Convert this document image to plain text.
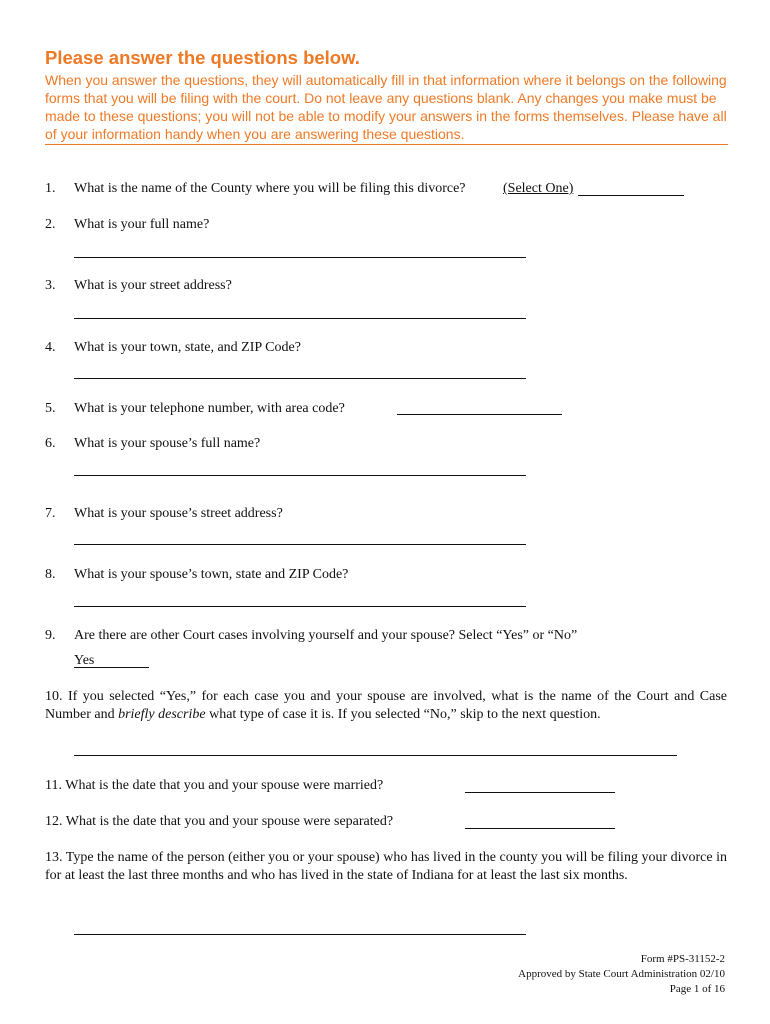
Please answer the questions below.

When you answer the questions, they will automatically fill in that information where it belongs on the following forms that you will be filing with the court. Do not leave any questions blank. Any changes you make must be made to these questions; you will not be able to modify your answers in the forms themselves. Please have all of your information handy when you are answering these questions.

1. What is the name of the County where you will be filing this divorce?	(Select One)
2. What is your full name?
3. What is your street address?
4. What is your town, state, and ZIP Code?
5. What is your telephone number, with area code?
6. What is your spouse’s full name?
7. What is your spouse’s street address?
8. What is your spouse’s town, state and ZIP Code?
9. Are there are other Court cases involving yourself and your spouse? Select “Yes” or “No”
Yes
10. If you selected “Yes,” for each case you and your spouse are involved, what is the name of the Court and Case Number and briefly describe what type of case it is. If you selected “No,” skip to the next question.
11. What is the date that you and your spouse were married?
12. What is the date that you and your spouse were separated?
13. Type the name of the person (either you or your spouse) who has lived in the county you will be filing your divorce in for at least the last three months and who has lived in the state of Indiana for at least the last six months.
Form #PS-31152-2
Approved by State Court Administration 02/10
Page 1 of 16
